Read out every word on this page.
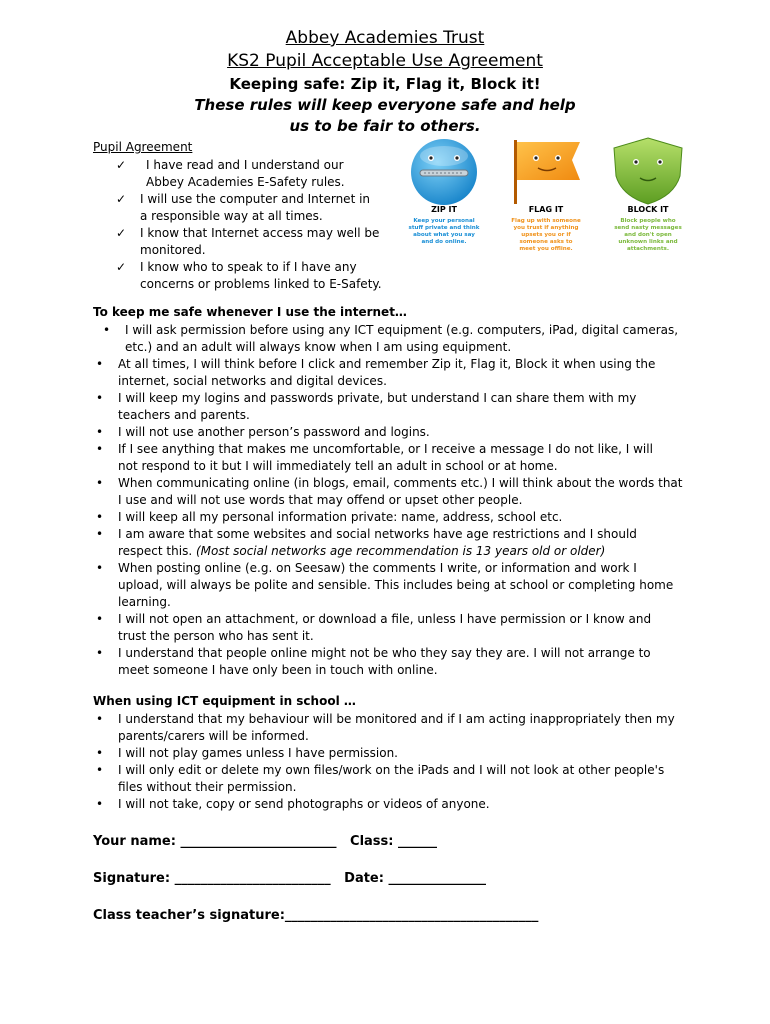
Abbey Academies Trust
KS2 Pupil Acceptable Use Agreement
Keeping safe: Zip it, Flag it, Block it!
These rules will keep everyone safe and help
us to be fair to others.
Pupil Agreement
✓ I have read and I understand our
Abbey Academies E-Safety rules.
✓ I will use the computer and Internet in
a responsible way at all times.
✓ I know that Internet access may well be
monitored.
✓ I know who to speak to if I have any
concerns or problems linked to E-Safety.
ZIP IT
Keep your personal
stuff private and think
about what you say
and do online.
FLAG IT
Flag up with someone
you trust if anything
upsets you or if
someone asks to
meet you offline.
BLOCK IT
Block people who
send nasty messages
and don't open
unknown links and
attachments.
To keep me safe whenever I use the internet…
• I will ask permission before using any ICT equipment (e.g. computers, iPad, digital cameras,
etc.) and an adult will always know when I am using equipment.
• At all times, I will think before I click and remember Zip it, Flag it, Block it when using the
internet, social networks and digital devices.
• I will keep my logins and passwords private, but understand I can share them with my
teachers and parents.
• I will not use another person’s password and logins.
• If I see anything that makes me uncomfortable, or I receive a message I do not like, I will
not respond to it but I will immediately tell an adult in school or at home.
• When communicating online (in blogs, email, comments etc.) I will think about the words that
I use and will not use words that may offend or upset other people.
• I will keep all my personal information private: name, address, school etc.
• I am aware that some websites and social networks have age restrictions and I should
respect this. (Most social networks age recommendation is 13 years old or older)
• When posting online (e.g. on Seesaw) the comments I write, or information and work I
upload, will always be polite and sensible. This includes being at school or completing home
learning.
• I will not open an attachment, or download a file, unless I have permission or I know and
trust the person who has sent it.
• I understand that people online might not be who they say they are. I will not arrange to
meet someone I have only been in touch with online.
When using ICT equipment in school …
• I understand that my behaviour will be monitored and if I am acting inappropriately then my
parents/carers will be informed.
• I will not play games unless I have permission.
• I will only edit or delete my own files/work on the iPads and I will not look at other people's
files without their permission.
• I will not take, copy or send photographs or videos of anyone.
Your name: ________________________   Class: ______
Signature: ________________________   Date: _______________
Class teacher’s signature:_______________________________________
